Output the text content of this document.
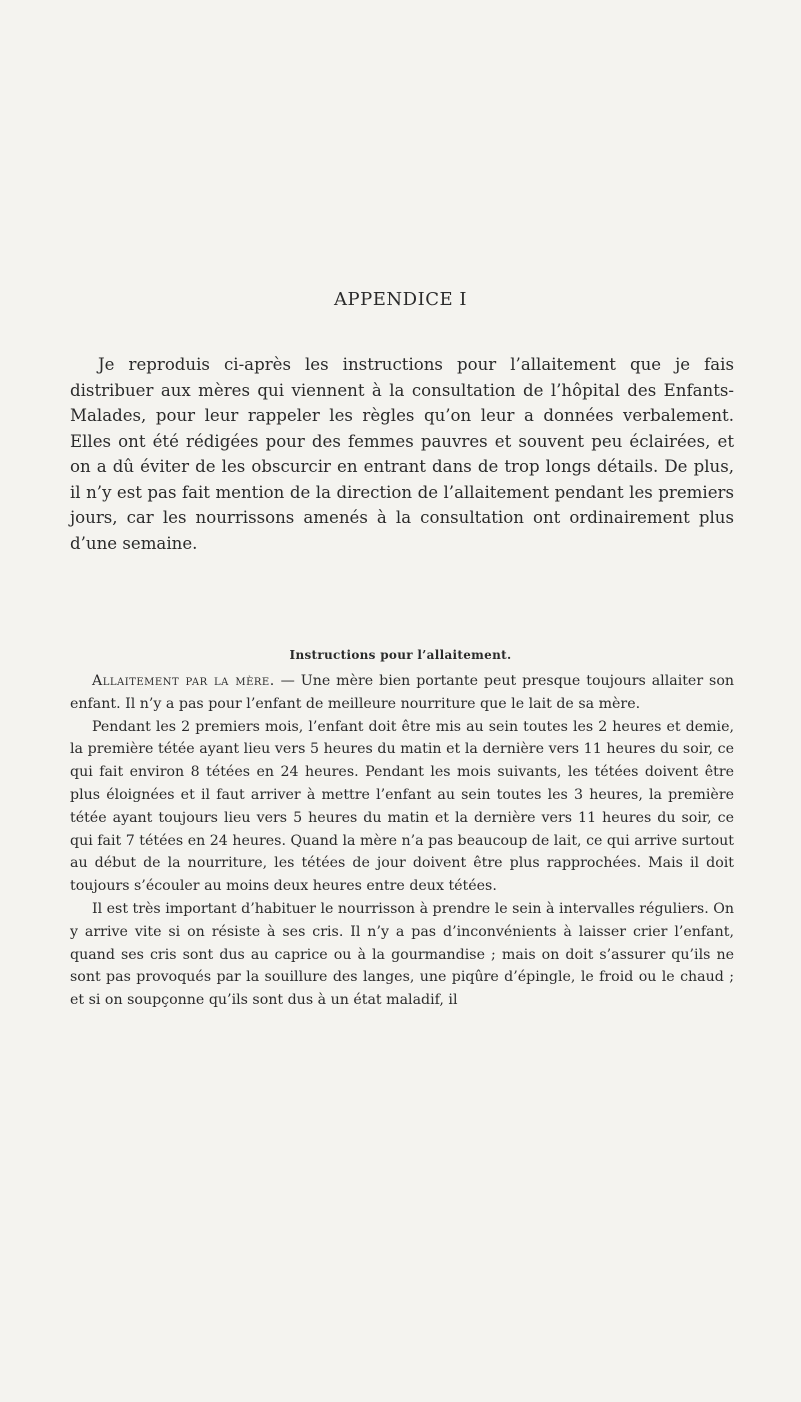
APPENDICE I
Je reproduis ci-après les instructions pour l’allaitement que je fais distribuer aux mères qui viennent à la consultation de l’hôpital des Enfants-Malades, pour leur rappeler les règles qu’on leur a données verbalement. Elles ont été rédigées pour des femmes pauvres et souvent peu éclairées, et on a dû éviter de les obscurcir en entrant dans de trop longs détails. De plus, il n’y est pas fait mention de la direction de l’allaitement pendant les premiers jours, car les nourrissons amenés à la consultation ont ordinairement plus d’une semaine.
Instructions pour l’allaitement.

Allaitement par la mère. — Une mère bien portante peut presque toujours allaiter son enfant. Il n’y a pas pour l’enfant de meilleure nourriture que le lait de sa mère.

Pendant les 2 premiers mois, l’enfant doit être mis au sein toutes les 2 heures et demie, la première tétée ayant lieu vers 5 heures du matin et la dernière vers 11 heures du soir, ce qui fait environ 8 tétées en 24 heures. Pendant les mois suivants, les tétées doivent être plus éloignées et il faut arriver à mettre l’enfant au sein toutes les 3 heures, la première tétée ayant toujours lieu vers 5 heures du matin et la dernière vers 11 heures du soir, ce qui fait 7 tétées en 24 heures. Quand la mère n’a pas beaucoup de lait, ce qui arrive surtout au début de la nourriture, les tétées de jour doivent être plus rapprochées. Mais il doit toujours s’écouler au moins deux heures entre deux tétées.

Il est très important d’habituer le nourrisson à prendre le sein à intervalles réguliers. On y arrive vite si on résiste à ses cris. Il n’y a pas d’inconvénients à laisser crier l’enfant, quand ses cris sont dus au caprice ou à la gourmandise ; mais on doit s’assurer qu’ils ne sont pas provoqués par la souillure des langes, une piqûre d’épingle, le froid ou le chaud ; et si on soupçonne qu’ils sont dus à un état maladif, il
